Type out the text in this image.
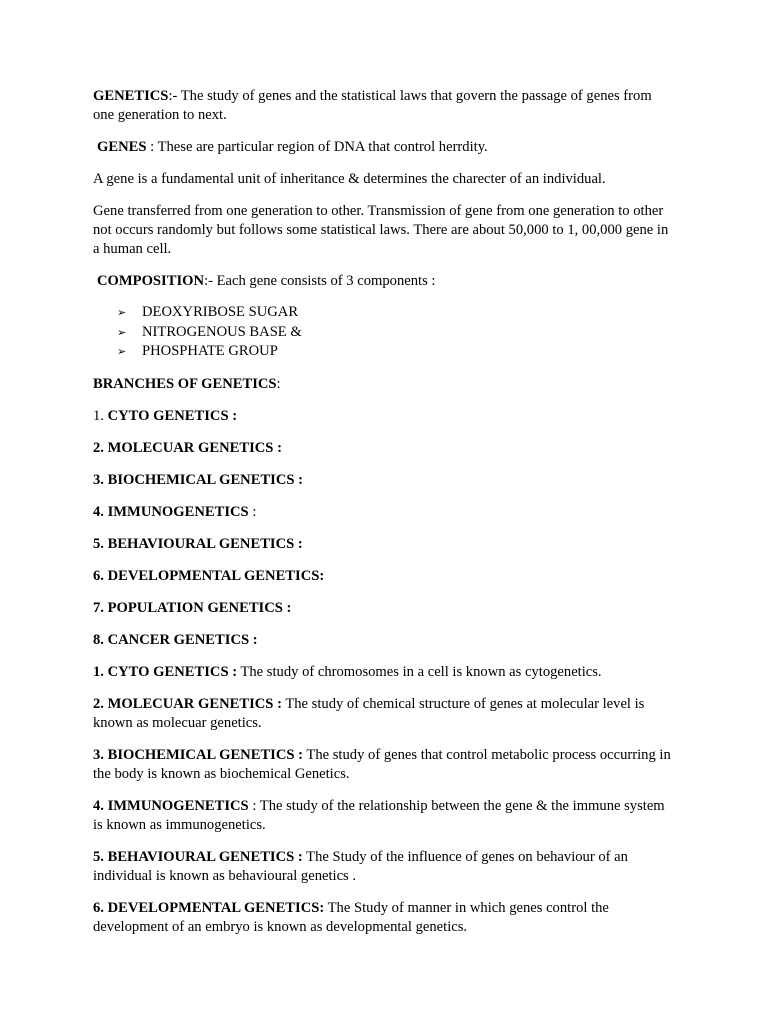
GENETICS:- The study of genes and the statistical laws that govern the passage of genes from one generation to next.

GENES : These are particular region of DNA that control herrdity.

A gene is a fundamental unit of inheritance & determines the charecter of an individual.

Gene transferred from one generation to other. Transmission of gene from one generation to other not occurs randomly but follows some statistical laws. There are about 50,000 to 1, 00,000 gene in a human cell.

COMPOSITION:- Each gene consists of 3 components :

➢	DEOXYRIBOSE SUGAR
➢	NITROGENOUS BASE &
➢	PHOSPHATE GROUP

BRANCHES OF GENETICS:

1. CYTO GENETICS :

2. MOLECUAR GENETICS :

3. BIOCHEMICAL GENETICS :

4. IMMUNOGENETICS :

5. BEHAVIOURAL GENETICS :

6. DEVELOPMENTAL GENETICS:

7. POPULATION GENETICS :

8. CANCER GENETICS :

1. CYTO GENETICS : The study of chromosomes in a cell is known as cytogenetics.

2. MOLECUAR GENETICS : The study of chemical structure of genes at molecular level is known as molecuar genetics.

3. BIOCHEMICAL GENETICS : The study of genes that control metabolic process occurring in the body is known as biochemical Genetics.

4. IMMUNOGENETICS : The study of the relationship between the gene & the immune system is known as immunogenetics.

5. BEHAVIOURAL GENETICS : The Study of the influence of genes on behaviour of an individual is known as behavioural genetics .

6. DEVELOPMENTAL GENETICS: The Study of manner in which genes control the development of an embryo is known as developmental genetics.
